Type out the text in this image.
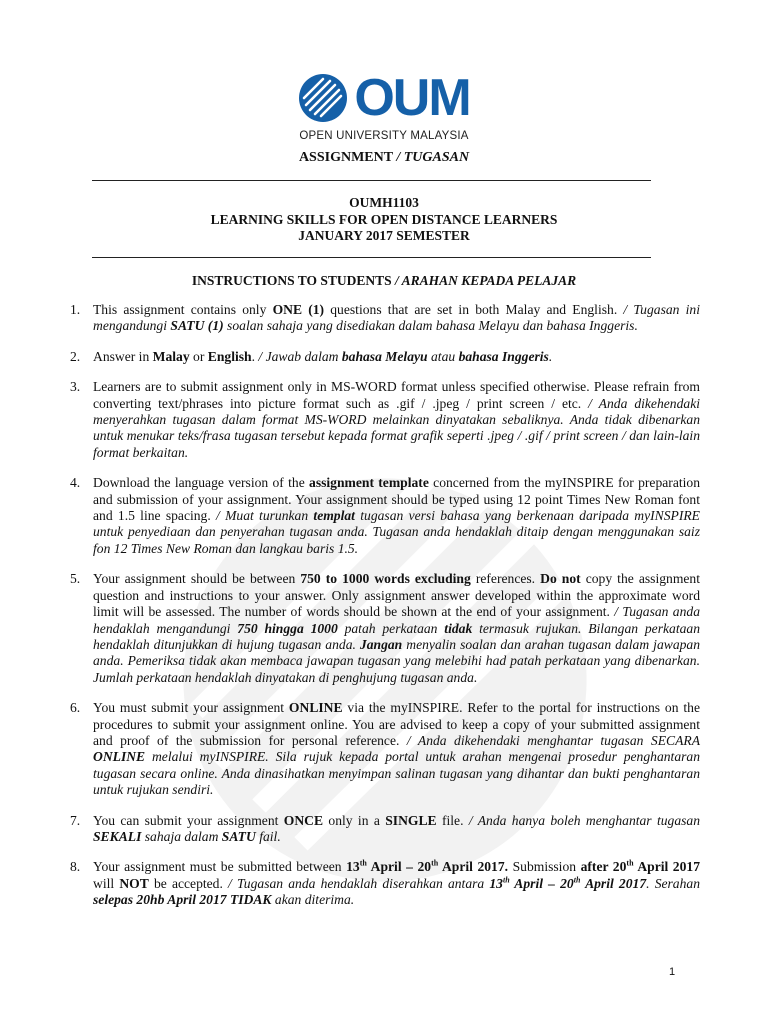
OUM
OPEN UNIVERSITY MALAYSIA
ASSIGNMENT / TUGASAN
OUMH1103
LEARNING SKILLS FOR OPEN DISTANCE LEARNERS
JANUARY 2017 SEMESTER
INSTRUCTIONS TO STUDENTS / ARAHAN KEPADA PELAJAR
1. This assignment contains only ONE (1) questions that are set in both Malay and English. / Tugasan ini mengandungi SATU (1) soalan sahaja yang disediakan dalam bahasa Melayu dan bahasa Inggeris.
2. Answer in Malay or English. / Jawab dalam bahasa Melayu atau bahasa Inggeris.
3. Learners are to submit assignment only in MS-WORD format unless specified otherwise. Please refrain from converting text/phrases into picture format such as .gif / .jpeg / print screen / etc. / Anda dikehendaki menyerahkan tugasan dalam format MS-WORD melainkan dinyatakan sebaliknya. Anda tidak dibenarkan untuk menukar teks/frasa tugasan tersebut kepada format grafik seperti .jpeg / .gif / print screen / dan lain-lain format berkaitan.
4. Download the language version of the assignment template concerned from the myINSPIRE for preparation and submission of your assignment. Your assignment should be typed using 12 point Times New Roman font and 1.5 line spacing. / Muat turunkan templat tugasan versi bahasa yang berkenaan daripada myINSPIRE untuk penyediaan dan penyerahan tugasan anda. Tugasan anda hendaklah ditaip dengan menggunakan saiz fon 12 Times New Roman dan langkau baris 1.5.
5. Your assignment should be between 750 to 1000 words excluding references. Do not copy the assignment question and instructions to your answer. Only assignment answer developed within the approximate word limit will be assessed. The number of words should be shown at the end of your assignment. / Tugasan anda hendaklah mengandungi 750 hingga 1000 patah perkataan tidak termasuk rujukan. Bilangan perkataan hendaklah ditunjukkan di hujung tugasan anda. Jangan menyalin soalan dan arahan tugasan dalam jawapan anda. Pemeriksa tidak akan membaca jawapan tugasan yang melebihi had patah perkataan yang dibenarkan. Jumlah perkataan hendaklah dinyatakan di penghujung tugasan anda.
6. You must submit your assignment ONLINE via the myINSPIRE. Refer to the portal for instructions on the procedures to submit your assignment online. You are advised to keep a copy of your submitted assignment and proof of the submission for personal reference. / Anda dikehendaki menghantar tugasan SECARA ONLINE melalui myINSPIRE. Sila rujuk kepada portal untuk arahan mengenai prosedur penghantaran tugasan secara online. Anda dinasihatkan menyimpan salinan tugasan yang dihantar dan bukti penghantaran untuk rujukan sendiri.
7. You can submit your assignment ONCE only in a SINGLE file. / Anda hanya boleh menghantar tugasan SEKALI sahaja dalam SATU fail.
8. Your assignment must be submitted between 13th April – 20th April 2017. Submission after 20th April 2017 will NOT be accepted. / Tugasan anda hendaklah diserahkan antara 13th April – 20th April 2017. Serahan selepas 20hb April 2017 TIDAK akan diterima.
1
